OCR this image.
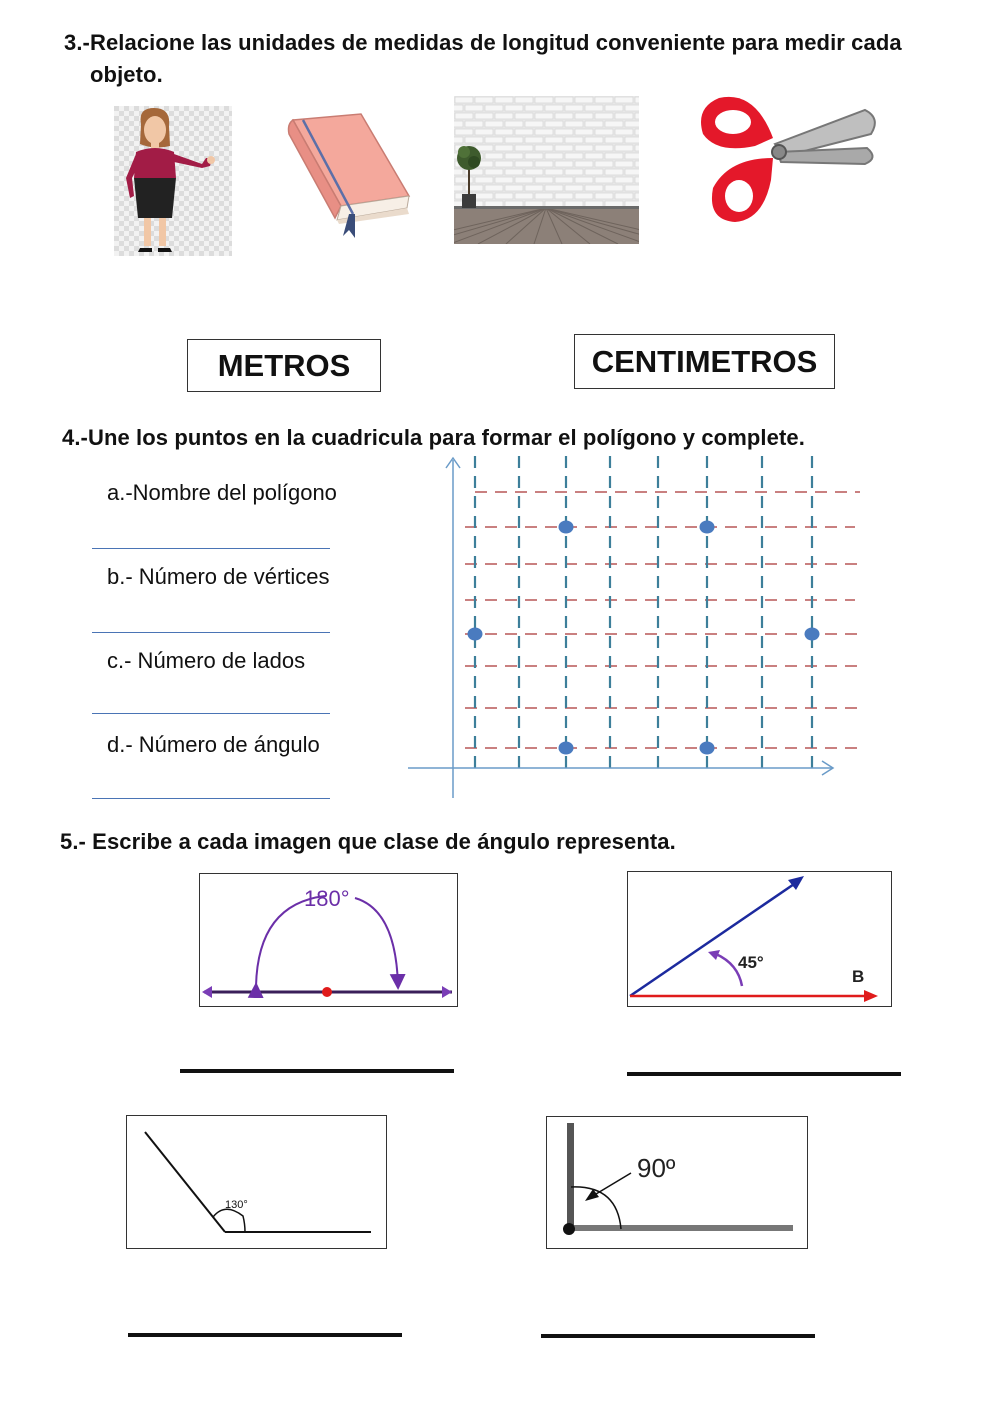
3.-Relacione las unidades de medidas de longitud conveniente para medir cada
objeto.
METROS	CENTIMETROS
4.-Une los puntos en la cuadricula para formar el polígono y complete.
a.-Nombre del polígono
b.- Número de vértices
c.- Número de lados
d.- Número de ángulo
5.- Escribe a cada imagen que clase de ángulo representa.
180°
45°
B
130°
90º
